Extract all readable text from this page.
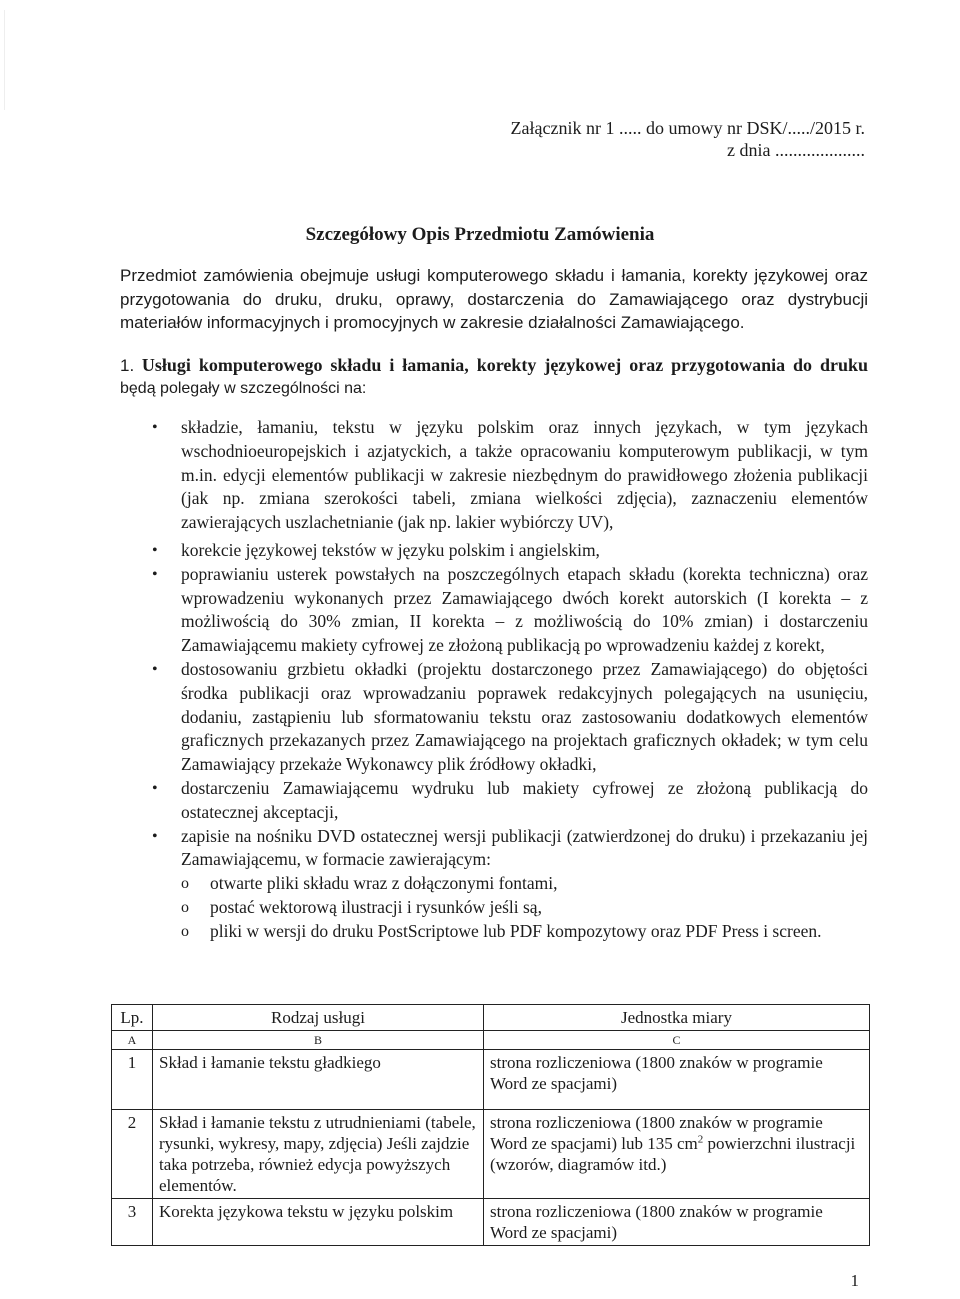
Załącznik nr 1 ..... do umowy nr DSK/...../2015 r.
z dnia ....................
Szczegółowy Opis Przedmiotu Zamówienia
Przedmiot zamówienia obejmuje usługi komputerowego składu i łamania, korekty językowej oraz przygotowania do druku, druku, oprawy, dostarczenia do Zamawiającego oraz dystrybucji materiałów informacyjnych i promocyjnych w zakresie działalności Zamawiającego.
1. Usługi komputerowego składu i łamania, korekty językowej oraz przygotowania do druku będą polegały w szczególności na:
• składzie, łamaniu, tekstu w języku polskim oraz innych językach, w tym językach wschodnioeuropejskich i azjatyckich, a także opracowaniu komputerowym publikacji, w tym m.in. edycji elementów publikacji w zakresie niezbędnym do prawidłowego złożenia publikacji (jak np. zmiana szerokości tabeli, zmiana wielkości zdjęcia), zaznaczeniu elementów zawierających uszlachetnianie (jak np. lakier wybiórczy UV),
• korekcie językowej tekstów w języku polskim i angielskim,
• poprawianiu usterek powstałych na poszczególnych etapach składu (korekta techniczna) oraz wprowadzeniu wykonanych przez Zamawiającego dwóch korekt autorskich (I korekta – z możliwością do 30% zmian, II korekta – z możliwością do 10% zmian) i dostarczeniu Zamawiającemu makiety cyfrowej ze złożoną publikacją po wprowadzeniu każdej z korekt,
• dostosowaniu grzbietu okładki (projektu dostarczonego przez Zamawiającego) do objętości środka publikacji oraz wprowadzaniu poprawek redakcyjnych polegających na usunięciu, dodaniu, zastąpieniu lub sformatowaniu tekstu oraz zastosowaniu dodatkowych elementów graficznych przekazanych przez Zamawiającego na projektach graficznych okładek; w tym celu Zamawiający przekaże Wykonawcy plik źródłowy okładki,
• dostarczeniu Zamawiającemu wydruku lub makiety cyfrowej ze złożoną publikacją do ostatecznej akceptacji,
• zapisie na nośniku DVD ostatecznej wersji publikacji (zatwierdzonej do druku) i przekazaniu jej Zamawiającemu, w formacie zawierającym:
o otwarte pliki składu wraz z dołączonymi fontami,
o postać wektorową ilustracji i rysunków jeśli są,
o pliki w wersji do druku PostScriptowe lub PDF kompozytowy oraz PDF Press i screen.
Lp.	Rodzaj usługi	Jednostka miary
A	B	C
1	Skład i łamanie tekstu gładkiego	strona rozliczeniowa (1800 znaków w programie Word ze spacjami)
2	Skład i łamanie tekstu z utrudnieniami (tabele, rysunki, wykresy, mapy, zdjęcia) Jeśli zajdzie taka potrzeba, również edycja powyższych elementów.	strona rozliczeniowa (1800 znaków w programie Word ze spacjami) lub 135 $cm^2$ powierzchni ilustracji (wzorów, diagramów itd.)
3	Korekta językowa tekstu w języku polskim	strona rozliczeniowa (1800 znaków w programie Word ze spacjami)
1
